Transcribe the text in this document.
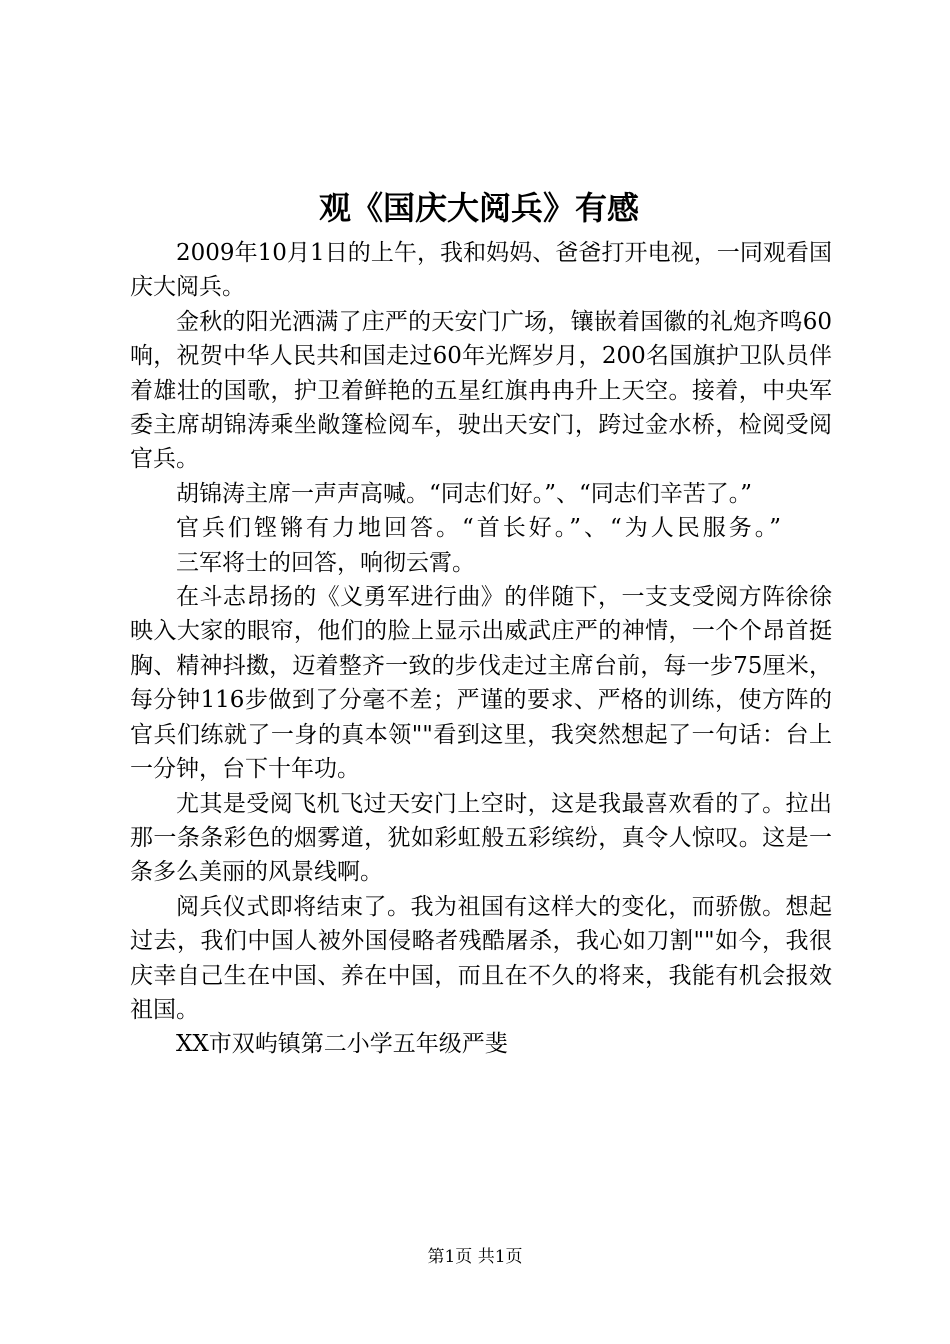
观《国庆大阅兵》有感

2009年10月1日的上午，我和妈妈、爸爸打开电视，一同观看国庆大阅兵。

金秋的阳光洒满了庄严的天安门广场，镶嵌着国徽的礼炮齐鸣60响，祝贺中华人民共和国走过60年光辉岁月，200名国旗护卫队员伴着雄壮的国歌，护卫着鲜艳的五星红旗冉冉升上天空。接着，中央军委主席胡锦涛乘坐敞篷检阅车，驶出天安门，跨过金水桥，检阅受阅官兵。

胡锦涛主席一声声高喊。“同志们好。”、“同志们辛苦了。”

官兵们铿锵有力地回答。“首长好。”、“为人民服务。”

三军将士的回答，响彻云霄。

在斗志昂扬的《义勇军进行曲》的伴随下，一支支受阅方阵徐徐映入大家的眼帘，他们的脸上显示出威武庄严的神情，一个个昂首挺胸、精神抖擞，迈着整齐一致的步伐走过主席台前，每一步75厘米，每分钟116步做到了分毫不差；严谨的要求、严格的训练，使方阵的官兵们练就了一身的真本领""看到这里，我突然想起了一句话：台上一分钟，台下十年功。

尤其是受阅飞机飞过天安门上空时，这是我最喜欢看的了。拉出那一条条彩色的烟雾道，犹如彩虹般五彩缤纷，真令人惊叹。这是一条多么美丽的风景线啊。

阅兵仪式即将结束了。我为祖国有这样大的变化，而骄傲。想起过去，我们中国人被外国侵略者残酷屠杀，我心如刀割""如今，我很庆幸自己生在中国、养在中国，而且在不久的将来，我能有机会报效祖国。

XX市双屿镇第二小学五年级严斐

第1页 共1页
